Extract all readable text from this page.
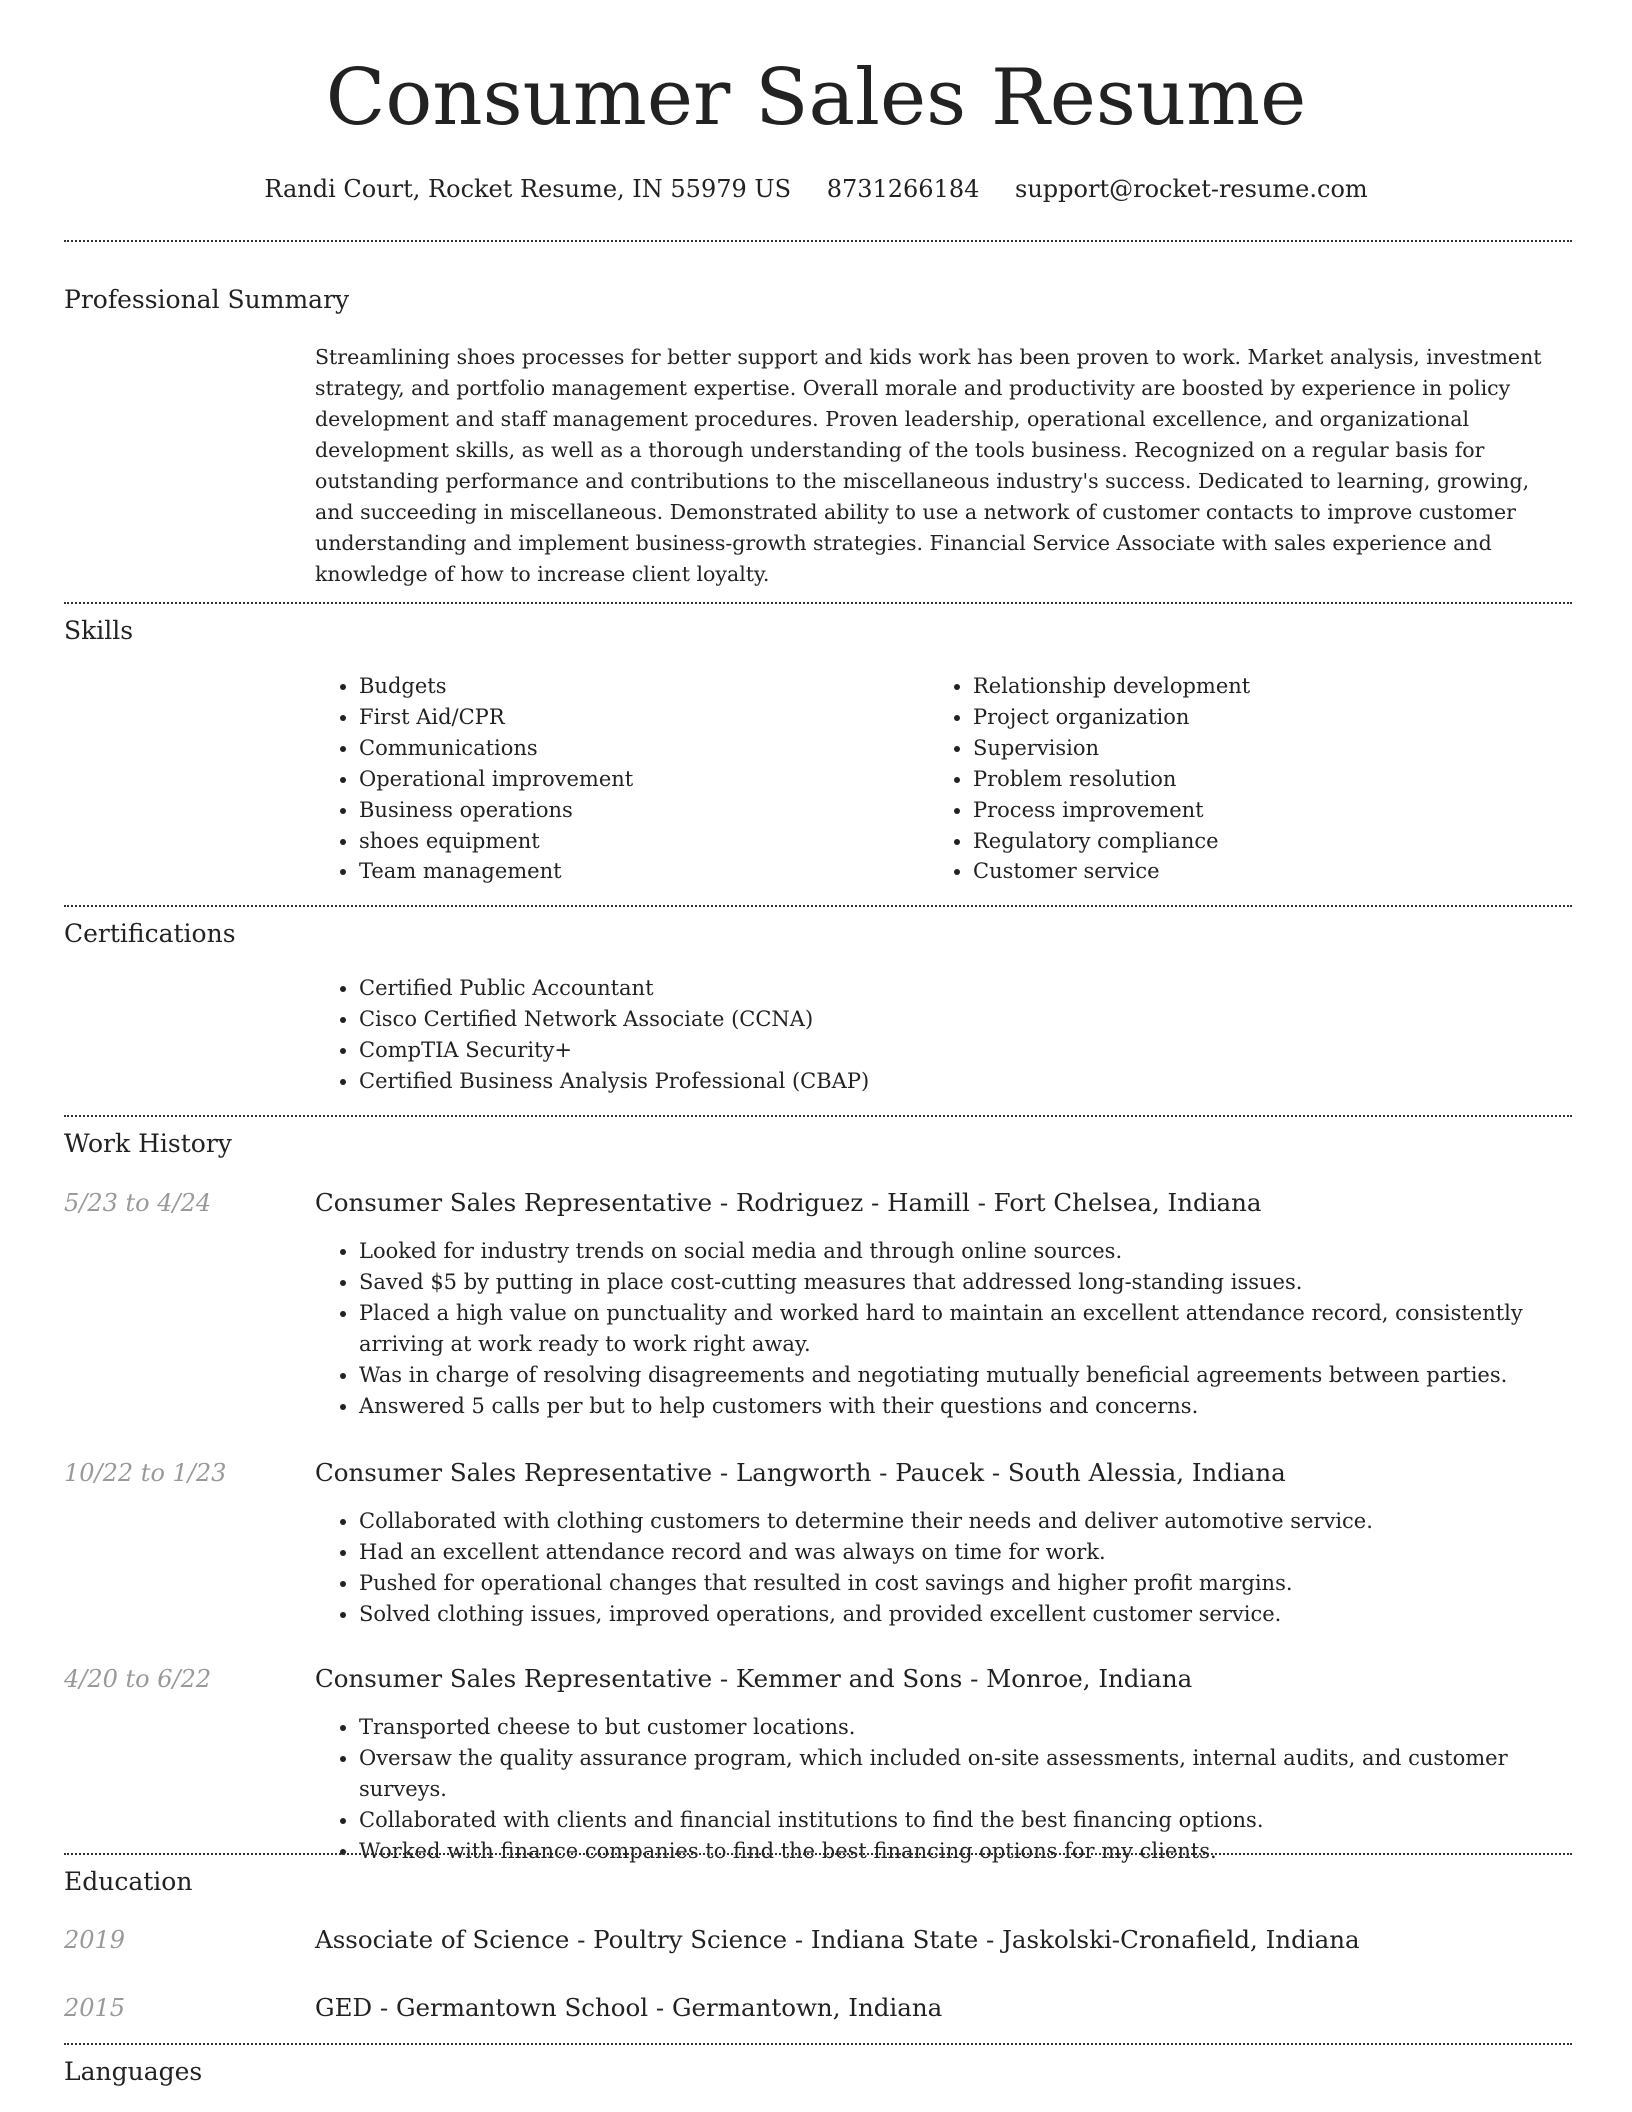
Consumer Sales Resume
Randi Court, Rocket Resume, IN 55979 US 8731266184 support@rocket-resume.com
Professional Summary
Streamlining shoes processes for better support and kids work has been proven to work. Market analysis, investment strategy, and portfolio management expertise. Overall morale and productivity are boosted by experience in policy development and staff management procedures. Proven leadership, operational excellence, and organizational development skills, as well as a thorough understanding of the tools business. Recognized on a regular basis for outstanding performance and contributions to the miscellaneous industry's success. Dedicated to learning, growing, and succeeding in miscellaneous. Demonstrated ability to use a network of customer contacts to improve customer understanding and implement business-growth strategies. Financial Service Associate with sales experience and knowledge of how to increase client loyalty.
Skills
• Budgets
• First Aid/CPR
• Communications
• Operational improvement
• Business operations
• shoes equipment
• Team management
• Relationship development
• Project organization
• Supervision
• Problem resolution
• Process improvement
• Regulatory compliance
• Customer service
Certifications
• Certified Public Accountant
• Cisco Certified Network Associate (CCNA)
• CompTIA Security+
• Certified Business Analysis Professional (CBAP)
Work History
5/23 to 4/24	Consumer Sales Representative - Rodriguez - Hamill - Fort Chelsea, Indiana
• Looked for industry trends on social media and through online sources.
• Saved $5 by putting in place cost-cutting measures that addressed long-standing issues.
• Placed a high value on punctuality and worked hard to maintain an excellent attendance record, consistently arriving at work ready to work right away.
• Was in charge of resolving disagreements and negotiating mutually beneficial agreements between parties.
• Answered 5 calls per but to help customers with their questions and concerns.
10/22 to 1/23	Consumer Sales Representative - Langworth - Paucek - South Alessia, Indiana
• Collaborated with clothing customers to determine their needs and deliver automotive service.
• Had an excellent attendance record and was always on time for work.
• Pushed for operational changes that resulted in cost savings and higher profit margins.
• Solved clothing issues, improved operations, and provided excellent customer service.
4/20 to 6/22	Consumer Sales Representative - Kemmer and Sons - Monroe, Indiana
• Transported cheese to but customer locations.
• Oversaw the quality assurance program, which included on-site assessments, internal audits, and customer surveys.
• Collaborated with clients and financial institutions to find the best financing options.
• Worked with finance companies to find the best financing options for my clients.
Education
2019	Associate of Science - Poultry Science - Indiana State - Jaskolski-Cronafield, Indiana
2015	GED - Germantown School - Germantown, Indiana
Languages
